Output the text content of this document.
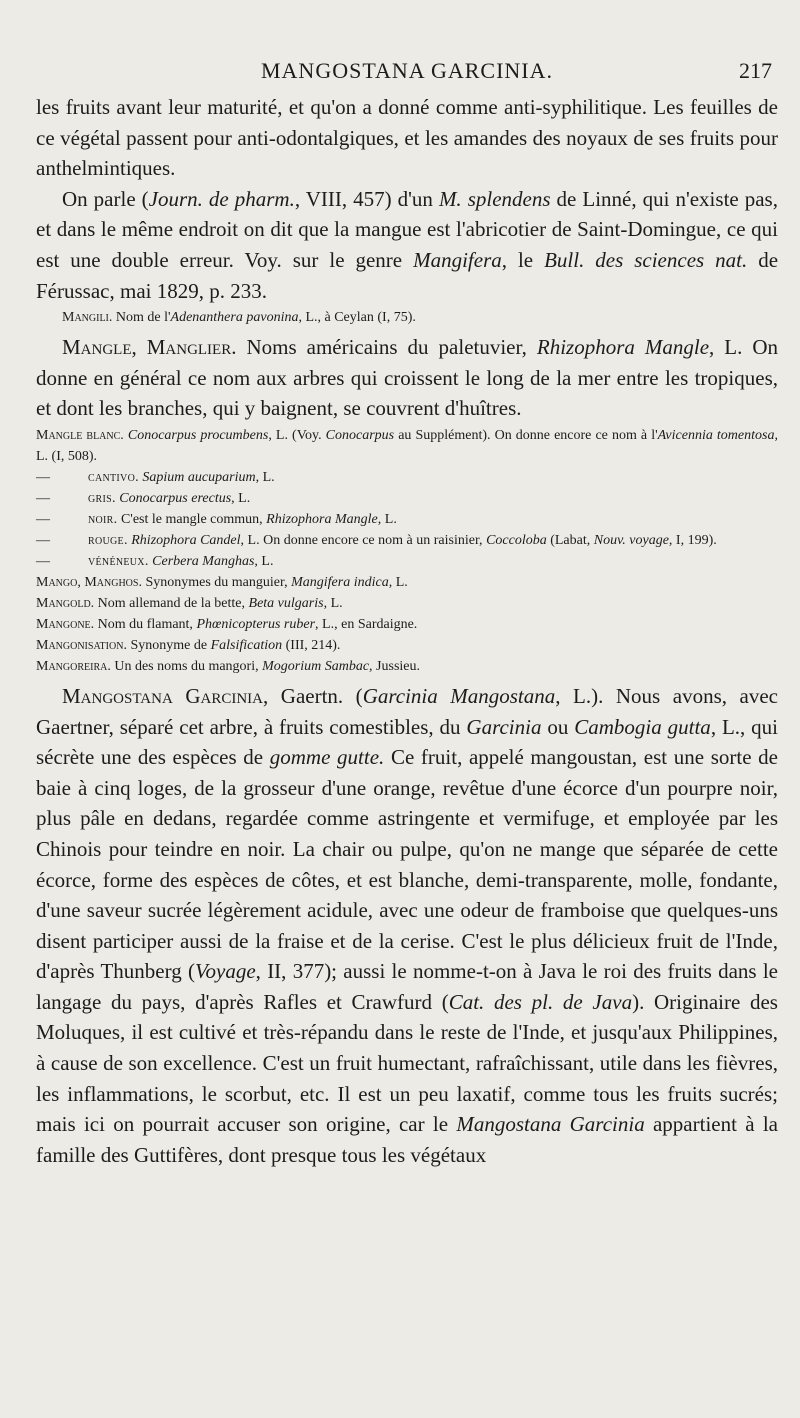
MANGOSTANA GARCINIA.	217

les fruits avant leur maturité, et qu'on a donné comme anti-syphilitique. Les feuilles de ce végétal passent pour anti-odontalgiques, et les amandes des noyaux de ses fruits pour anthelmintiques.

On parle (Journ. de pharm., VIII, 457) d'un M. splendens de Linné, qui n'existe pas, et dans le même endroit on dit que la mangue est l'abricotier de Saint-Domingue, ce qui est une double erreur. Voy. sur le genre Mangifera, le Bull. des sciences nat. de Férussac, mai 1829, p. 233.

Mangili. Nom de l'Adenanthera pavonina, L., à Ceylan (I, 75).

Mangle, Manglier. Noms américains du paletuvier, Rhizophora Mangle, L. On donne en général ce nom aux arbres qui croissent le long de la mer entre les tropiques, et dont les branches, qui y baignent, se couvrent d'huîtres.

Mangle blanc. Conocarpus procumbens, L. (Voy. Conocarpus au Supplément). On donne encore ce nom à l'Avicennia tomentosa, L. (I, 508).

—	cantivo. Sapium aucuparium, L.

—	gris. Conocarpus erectus, L.

—	noir. C'est le mangle commun, Rhizophora Mangle, L.

—	rouge. Rhizophora Candel, L. On donne encore ce nom à un raisinier, Coccoloba (Labat, Nouv. voyage, I, 199).

—	vénéneux. Cerbera Manghas, L.

Mango, Manghos. Synonymes du manguier, Mangifera indica, L.

Mangold. Nom allemand de la bette, Beta vulgaris, L.

Mangone. Nom du flamant, Phœnicopterus ruber, L., en Sardaigne.

Mangonisation. Synonyme de Falsification (III, 214).

Mangoreira. Un des noms du mangori, Mogorium Sambac, Jussieu.

Mangostana Garcinia, Gaertn. (Garcinia Mangostana, L.). Nous avons, avec Gaertner, séparé cet arbre, à fruits comestibles, du Garcinia ou Cambogia gutta, L., qui sécrète une des espèces de gomme gutte. Ce fruit, appelé mangoustan, est une sorte de baie à cinq loges, de la grosseur d'une orange, revêtue d'une écorce d'un pourpre noir, plus pâle en dedans, regardée comme astringente et vermifuge, et employée par les Chinois pour teindre en noir. La chair ou pulpe, qu'on ne mange que séparée de cette écorce, forme des espèces de côtes, et est blanche, demi-transparente, molle, fondante, d'une saveur sucrée légèrement acidule, avec une odeur de framboise que quelques-uns disent participer aussi de la fraise et de la cerise. C'est le plus délicieux fruit de l'Inde, d'après Thunberg (Voyage, II, 377); aussi le nomme-t-on à Java le roi des fruits dans le langage du pays, d'après Rafles et Crawfurd (Cat. des pl. de Java). Originaire des Moluques, il est cultivé et très-répandu dans le reste de l'Inde, et jusqu'aux Philippines, à cause de son excellence. C'est un fruit humectant, rafraîchissant, utile dans les fièvres, les inflammations, le scorbut, etc. Il est un peu laxatif, comme tous les fruits sucrés; mais ici on pourrait accuser son origine, car le Mangostana Garcinia appartient à la famille des Guttifères, dont presque tous les végétaux
